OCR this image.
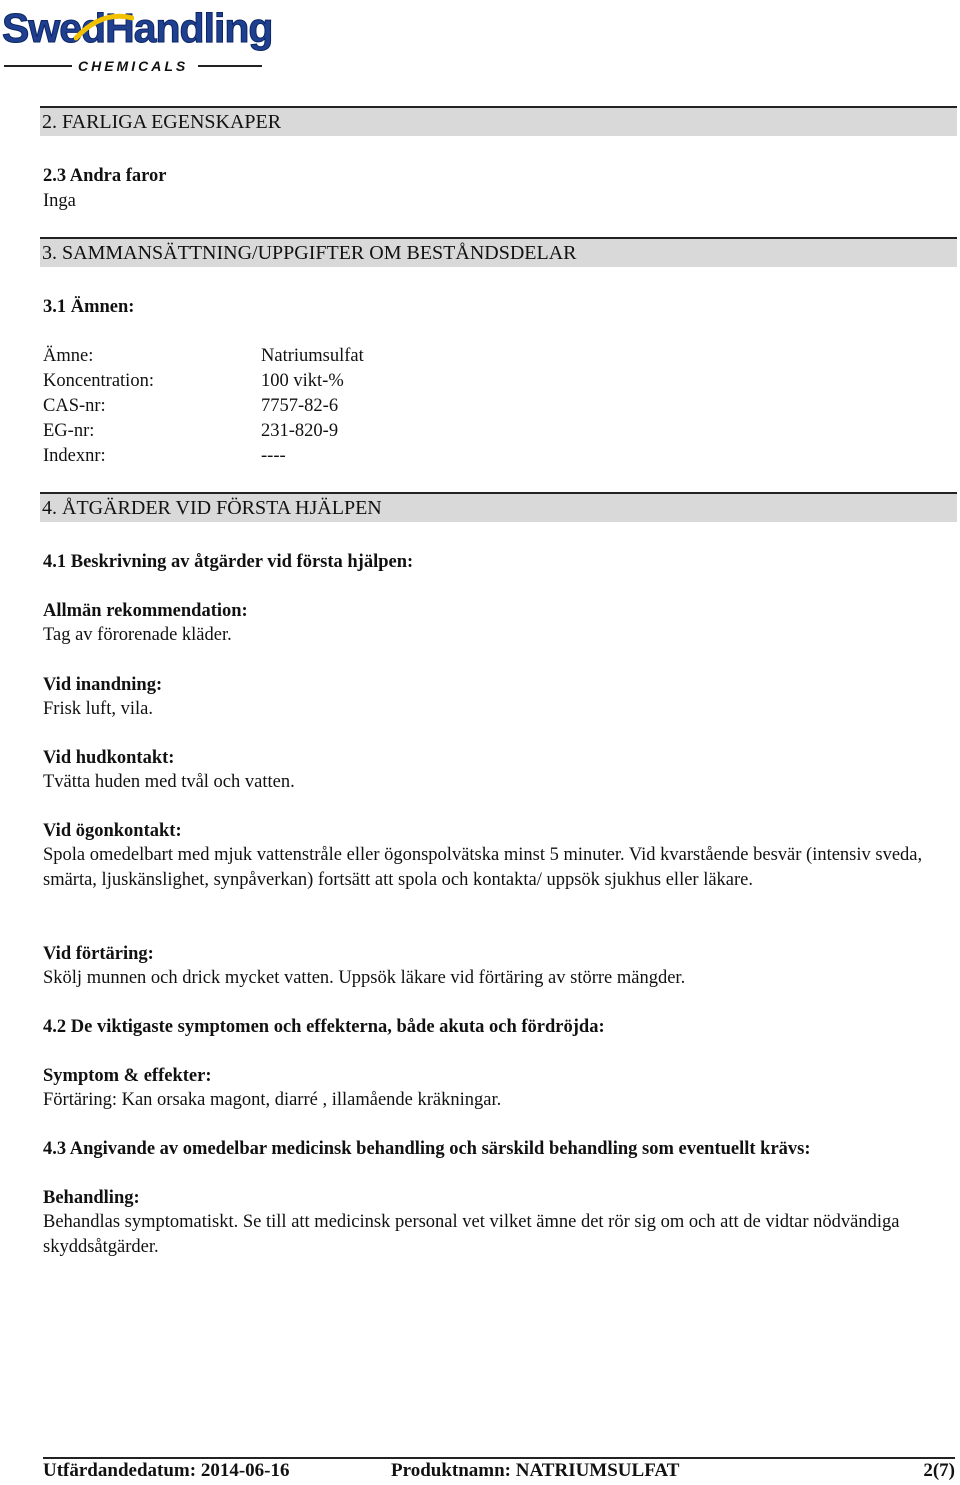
SwedHandling
CHEMICALS
2. FARLIGA EGENSKAPER
2.3 Andra faror
Inga
3. SAMMANSÄTTNING/UPPGIFTER OM BESTÅNDSDELAR
3.1 Ämnen:
Ämne:	Natriumsulfat
Koncentration:	100 vikt-%
CAS-nr:	7757-82-6
EG-nr:	231-820-9
Indexnr:	----
4. ÅTGÄRDER VID FÖRSTA HJÄLPEN
4.1 Beskrivning av åtgärder vid första hjälpen:
Allmän rekommendation:
Tag av förorenade kläder.
Vid inandning:
Frisk luft, vila.
Vid hudkontakt:
Tvätta huden med tvål och vatten.
Vid ögonkontakt:
Spola omedelbart med mjuk vattenstråle eller ögonspolvätska minst 5 minuter. Vid kvarstående besvär (intensiv sveda, smärta, ljuskänslighet, synpåverkan) fortsätt att spola och kontakta/ uppsök sjukhus eller läkare.
Vid förtäring:
Skölj munnen och drick mycket vatten. Uppsök läkare vid förtäring av större mängder.
4.2 De viktigaste symptomen och effekterna, både akuta och fördröjda:
Symptom & effekter:
Förtäring: Kan orsaka magont, diarré , illamående kräkningar.
4.3 Angivande av omedelbar medicinsk behandling och särskild behandling som eventuellt krävs:
Behandling:
Behandlas symptomatiskt. Se till att medicinsk personal vet vilket ämne det rör sig om och att de vidtar nödvändiga skyddsåtgärder.
Utfärdandedatum: 2014-06-16	Produktnamn: NATRIUMSULFAT	2(7)
